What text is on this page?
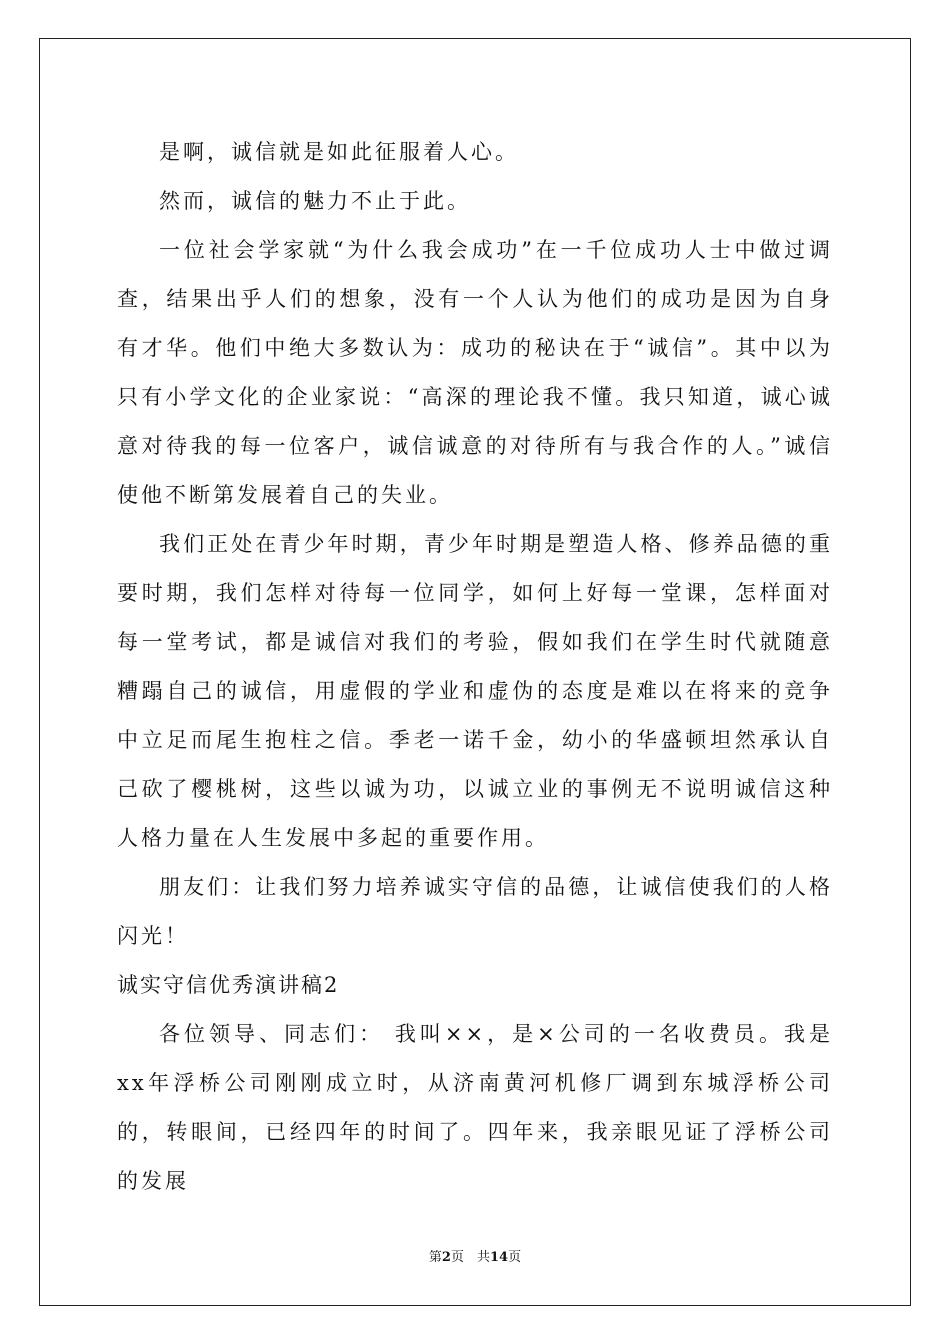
是啊，诚信就是如此征服着人心。

然而，诚信的魅力不止于此。

一位社会学家就“为什么我会成功”在一千位成功人士中做过调查，结果出乎人们的想象，没有一个人认为他们的成功是因为自身有才华。他们中绝大多数认为：成功的秘诀在于“诚信”。其中以为只有小学文化的企业家说：“高深的理论我不懂。我只知道，诚心诚意对待我的每一位客户，诚信诚意的对待所有与我合作的人。”诚信使他不断第发展着自己的失业。

我们正处在青少年时期，青少年时期是塑造人格、修养品德的重要时期，我们怎样对待每一位同学，如何上好每一堂课，怎样面对每一堂考试，都是诚信对我们的考验，假如我们在学生时代就随意糟蹋自己的诚信，用虚假的学业和虚伪的态度是难以在将来的竞争中立足而尾生抱柱之信。季老一诺千金，幼小的华盛顿坦然承认自己砍了樱桃树，这些以诚为功，以诚立业的事例无不说明诚信这种人格力量在人生发展中多起的重要作用。

朋友们：让我们努力培养诚实守信的品德，让诚信使我们的人格闪光！

诚实守信优秀演讲稿2

各位领导、同志们： 我叫××，是×公司的一名收费员。我是xx年浮桥公司刚刚成立时，从济南黄河机修厂调到东城浮桥公司的，转眼间，已经四年的时间了。四年来，我亲眼见证了浮桥公司的发展

第2页　共14页
